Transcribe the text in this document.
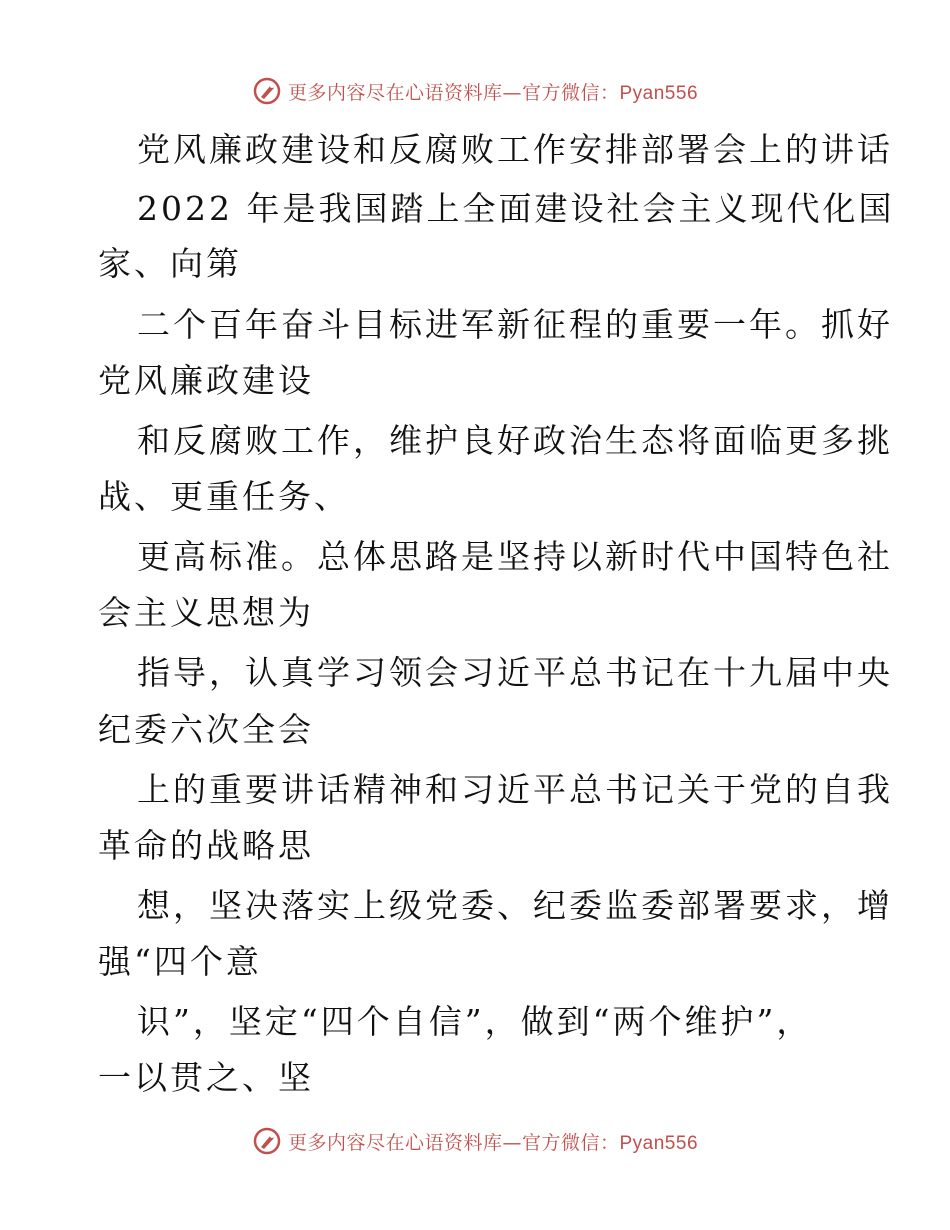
更多内容尽在心语资料库—官方微信：Pyan556
党风廉政建设和反腐败工作安排部署会上的讲话
2022 年是我国踏上全面建设社会主义现代化国
家、向第
二个百年奋斗目标进军新征程的重要一年。抓好
党风廉政建设
和反腐败工作，维护良好政治生态将面临更多挑
战、更重任务、
更高标准。总体思路是坚持以新时代中国特色社
会主义思想为
指导，认真学习领会习近平总书记在十九届中央
纪委六次全会
上的重要讲话精神和习近平总书记关于党的自我
革命的战略思
想，坚决落实上级党委、纪委监委部署要求，增
强“四个意
识”，坚定“四个自信”，做到“两个维护”，
一以贯之、坚
更多内容尽在心语资料库—官方微信：Pyan556
